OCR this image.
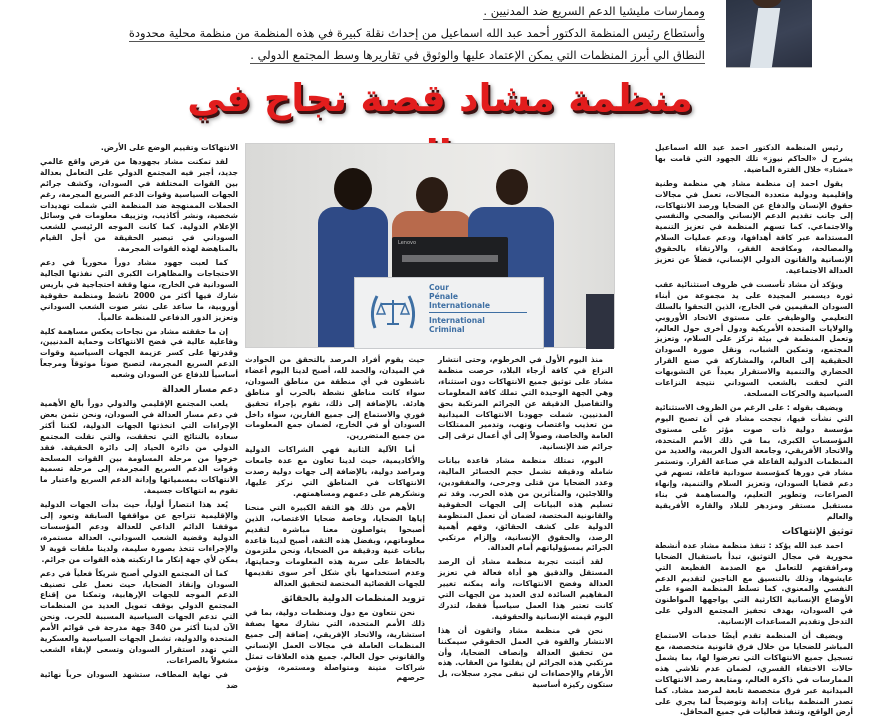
وممارسات مليشيا الدعم السريع ضد المدنيين .

وأستطاع رئيس المنظمة الدكتور أحمد عبد الله اسماعيل من إحداث نقلة كبيرة في هذه المنظمة من منظمة محلية محدودة

النطاق الي أبرز المنظمات التي يمكن الإعتماد عليها والوثوق في تقاريرها وسط المجتمع الدولي .

منظمة مشاد قصة نجاح في

رئيس المنظمة الدكتور احمد عبد الله اسماعيل يشرح ل «الحاكم نيوز» تلك الجهود التي قامت بها «مشاد» خلال الفترة الماضية.

يقول احمد إن منظمة مشاد هي منظمة وطنية وإقليمية ودولية متعددة المجالات، تعمل في مجالات حقوق الإنسان والدفاع عن الضحايا ورصد الانتهاكات، إلى جانب تقديم الدعم الإنساني والصحي والنفسي والاجتماعي. كما تسهم المنظمة في تعزيز التنمية المستدامة عبر كافة أهدافها، ودعم عمليات السلام والمصالحة، ومكافحة الفقر، والارتقاء بالحقوق الإنسانية والقانون الدولي الإنساني، فضلاً عن تعزيز العدالة الاجتماعية.

ويؤكد أن مشاد تأسست في ظروف استثنائية عقب ثورة ديسمبر المجيدة على يد مجموعة من أبناء السودان المقيمين في الخارج، الذين التحقوا بالسلك التعليمي والوظيفي على مستوى الاتحاد الأوروبي والولايات المتحدة الأمريكية ودول أخرى حول العالم، وتعمل المنظمة في بيئة تركز على السلام، وتعزيز المجتمع، وتمكين الشباب، ونقل صورة السودان الحقيقية إلى العالم، والمشاركة في صنع القرار الحضاري والتنمية والاستقرار بعيداً عن التشويهات التي لحقت بالشعب السوداني نتيجة النزاعات السياسية والحركات المسلحة.

ويضيف بقوله : على الرغم من الظروف الاستثنائية التي نشأت فيها، نجحت مشاد في أن تصبح اليوم مؤسسة دولية ذات صوت مؤثر على مستوى المؤسسات الكبرى، بما في ذلك الأمم المتحدة، والاتحاد الأفريقي، وجامعة الدول العربية، والعديد من المنظمات الدولية الفاعلة في صناعة القرار. وتستمر مشاد في دورها كمؤسسة سودانية فاعلة، تسهم في دعم قضايا السودان، وتعزيز السلام والتنمية، وإنهاء الصراعات، وتطوير التعليم، والمساهمة في بناء مستقبل مستقر ومزدهر للبلاد والقارة الأفريقية والعالم

توثيق الإنتهاكات

احمد عبد الله يؤكد : تنفذ منظمة مشاد عدة أنشطة محورية في مجال التوثيق، تبدأ باستقبال الضحايا ومرافقتهم للتعامل مع الصدمة الفظيعة التي عايشوها، وذلك بالتنسيق مع الناجين لتقديم الدعم النفسي والمعنوي. كما تسلط المنظمة الضوء على الأوضاع الإنسانية الكارثية التي يواجهها المواطنون في السودان، بهدف تحفيز المجتمع الدولي على التدخل وتقديم المساعدات الإنسانية.

ويضيف أن المنظمة تقدم أيضًا خدمات الاستماع المباشر للضحايا من خلال فرق قانونية متخصصة، مع تسجيل جميع الانتهاكات التي تعرضوا لها، بما يشمل حالات الاختفاء القسري، لضمان عدم تلاشي هذه الممارسات في ذاكرة العالم، ومتابعة رصد الانتهاكات الميدانية عبر فرق متخصصة تابعة لمرصد مشاد. كما تصدر المنظمة بيانات إدانة وتوضيحاً لما يجري على أرض الواقع، وتنفذ فعاليات في جميع المحافل.

Lenovo
Cour
Pénale
Internationale
International
Criminal

الانتهاكات وتقييم الوضع على الأرض.

لقد تمكنت مشاد بجهودها من فرض واقع عالمي جديد، أجبر فيه المجتمع الدولي على التعامل بعدالة بين القوات المختلفة في السودان، وكشف جرائم الجهات السياسية وقوات الدعم السريع المجرمة، رغم الحملات الممنهجة ضد المنظمة التي شملت تهديدات شخصية، ونشر أكاذيب، وتزييف معلومات في وسائل الإعلام الدولية. كما كانت الموجه الرئيسي للشعب السوداني في تبصير الحقيقة من أجل القيام بالمناهضة لهذه القوات المجرمة.

كما لعبت جهود مشاد دوراً محورياً في دعم الاحتجاجات والمظاهرات الكبرى التي نفذتها الجالية السودانية في الخارج، منها وقفة احتجاجية في باريس شارك فيها أكثر من 2000 ناشط ومنظمة حقوقية أوروبية، ما ساعد على نشر صوت الشعب السوداني وتعزيز الدور الدفاعي للمنظمة عالمياً.

إن ما حققته مشاد من نجاحات يعكس مساهمة كلية وفاعلية عالية في فضح الانتهاكات وحماية المدنيين، وقدرتها على كسر عزيمة الجهات السياسية وقوات الدعم السريع المجرمة، لتصبح صوتاً موثوقاً ومرجعاً أساسياً للدفاع عن السودان وشعبه

دعم مسار العدالة

يلعب المجتمع الإقليمي والدولي دوراً بالغ الأهمية في دعم مسار العدالة في السودان، ونحن نثمن بعض الإجراءات التي اتخذتها الجهات الدولية، لكننا أكثر سعادة بالنتائج التي تحققت، والتي نقلت المجتمع الدولي من دائرة الحياد إلى دائرة الحقيقة. فقد خرجوا من مرحلة المساومة بين القوات المسلحة وقوات الدعم السريع المجرمة، إلى مرحلة تسمية الانتهاكات بمسمياتها وإدانة الدعم السريع واعتبار ما تقوم به انتهاكات جسيمة.

يُعد هذا انتصاراً أولياً، حيث بدأت الجهات الدولية والإقليمية تتراجع عن مواقفها السابقة وتعود إلى موقفنا الدائم الداعي للعدالة ودعم المؤسسات الدولية وقضية الشعب السوداني. العدالة مستمرة، والإجراءات تتخذ بصورة سليمة، ولدينا ملفات قوية لا يمكن لأي جهة إنكار ما ارتكبته هذه القوات من جرائم.

كما أن المجتمع الدولي أصبح شريكاً فعلياً في دعم السودان وإنقاذ الضحايا، حيث نعمل على تصنيف الدعم الموجه للجهات الإرهابية، وتمكنا من إقناع المجتمع الدولي بوقف تمويل العديد من المنظمات التي تدعم الجهات السياسية المسببة للحرب. ونحن الآن لدينا أكثر من 340 جهة مدرجة في قوائم الأمم المتحدة والدولية، تشمل الجهات السياسية والعسكرية التي تهدد استقرار السودان وتسعى لإبقاء الشعب مشغولاً بالصراعات.

في نهاية المطاف، ستشهد السودان حرباً نهائية ضد

منذ اليوم الأول في الخرطوم، وحتى انتشار النزاع في كافة أرجاء البلاد، حرصت منظمة مشاد على توثيق جميع الانتهاكات دون استثناء، وهي الجهة الوحيدة التي تملك كافة المعلومات والتفاصيل الدقيقة عن الجرائم المرتكبة بحق المدنيين. شملت جهودنا الانتهاكات الميدانية من تعذيب واغتصاب ونهب، وتدمير الممتلكات العامة والخاصة، وصولاً إلى أي أعمال ترقى إلى جرائم ضد الإنسانية.

اليوم، تمتلك منظمة مشاد قاعدة بيانات شاملة ودقيقة تشمل حجم الخسائر المالية، وعدد الضحايا من قتلى وجرحى، والمفقودين، واللاجئين، والمتأثرين من هذه الحرب. وقد تم تسليم هذه البيانات إلى الجهات الحقوقية والقانونية المختصة، لضمان أن تعمل المنظومة الدولية على كشف الحقائق، وفهم أهمية الرصد، والحقوق الإنسانية، وإلزام مرتكبي الجرائم بمسؤولياتهم أمام العدالة.

لقد أثبتت تجربة منظمة مشاد أن الرصد المستقل والدقيق هو أداة فعالة في تعزيز العدالة وفضح الانتهاكات، وأنه يمكنه تغيير المفاهيم السائدة لدى العديد من الجهات التي كانت تعتبر هذا العمل سياسياً فقط، لتدرك اليوم قيمته الإنسانية والحقوقية.

نحن في منظمة مشاد واثقون أن هذا الانتشار والقوة في العمل الحقوقي سيمكننا من تحقيق العدالة وإنصاف الضحايا، وأن مرتكبي هذه الجرائم لن يفلتوا من العقاب. هذه الأرقام والإحصاءات لن تبقى مجرد سجلات، بل ستكون ركيزة أساسية

حيث يقوم أفراد المرصد بالتحقق من الحوادث في الميدان، والحمد لله، أصبح لدينا اليوم أعضاء ناشطون في أي منطقة من مناطق السودان، سواء كانت مناطق نشطة بالحرب أو مناطق هادئة. بالإضافة إلى ذلك، نقوم بإجراء تحقيق فوري والاستماع إلى جميع الفارين، سواء داخل السودان أو في الخارج، لضمان جمع المعلومات من جميع المتضررين.

أما الآلية الثانية فهي الشراكات الدولية والأكاديمية، حيث لدينا تعاون مع عدة جامعات ومراصد دولية، بالإضافة إلى جهات دولية رصدت الانتهاكات في المناطق التي نركز عليها، ونشكرهم على دعمهم ومساهمتهم.

الأهم من ذلك هو الثقة الكبيرة التي منحنا إياها الضحايا، وخاصة ضحايا الاغتصاب، الذين أصبحوا يتواصلون معنا مباشرة لتقديم معلوماتهم، وبفضل هذه الثقة، أصبح لدينا قاعدة بيانات غنية ودقيقة من الضحايا، ونحن ملتزمون بالحفاظ على سرية هذه المعلومات وحمايتها، وعدم استخدامها بأي شكل آخر سوى تقديمها للجهات القضائية المختصة لتحقيق العدالة

تزويد المنظمات الدولية بالحقائق

نحن نتعاون مع دول ومنظمات دولية، بما في ذلك الأمم المتحدة، التي نشارك معها بصفة استشارية، والاتحاد الإفريقي، إضافة إلى جميع المنظمات العاملة في مجالات العمل الإنساني والقانوني حول العالم. جميع هذه العلاقات تمثل شراكات متينة ومتواصلة ومستمرة، وتؤمن حرصهم
